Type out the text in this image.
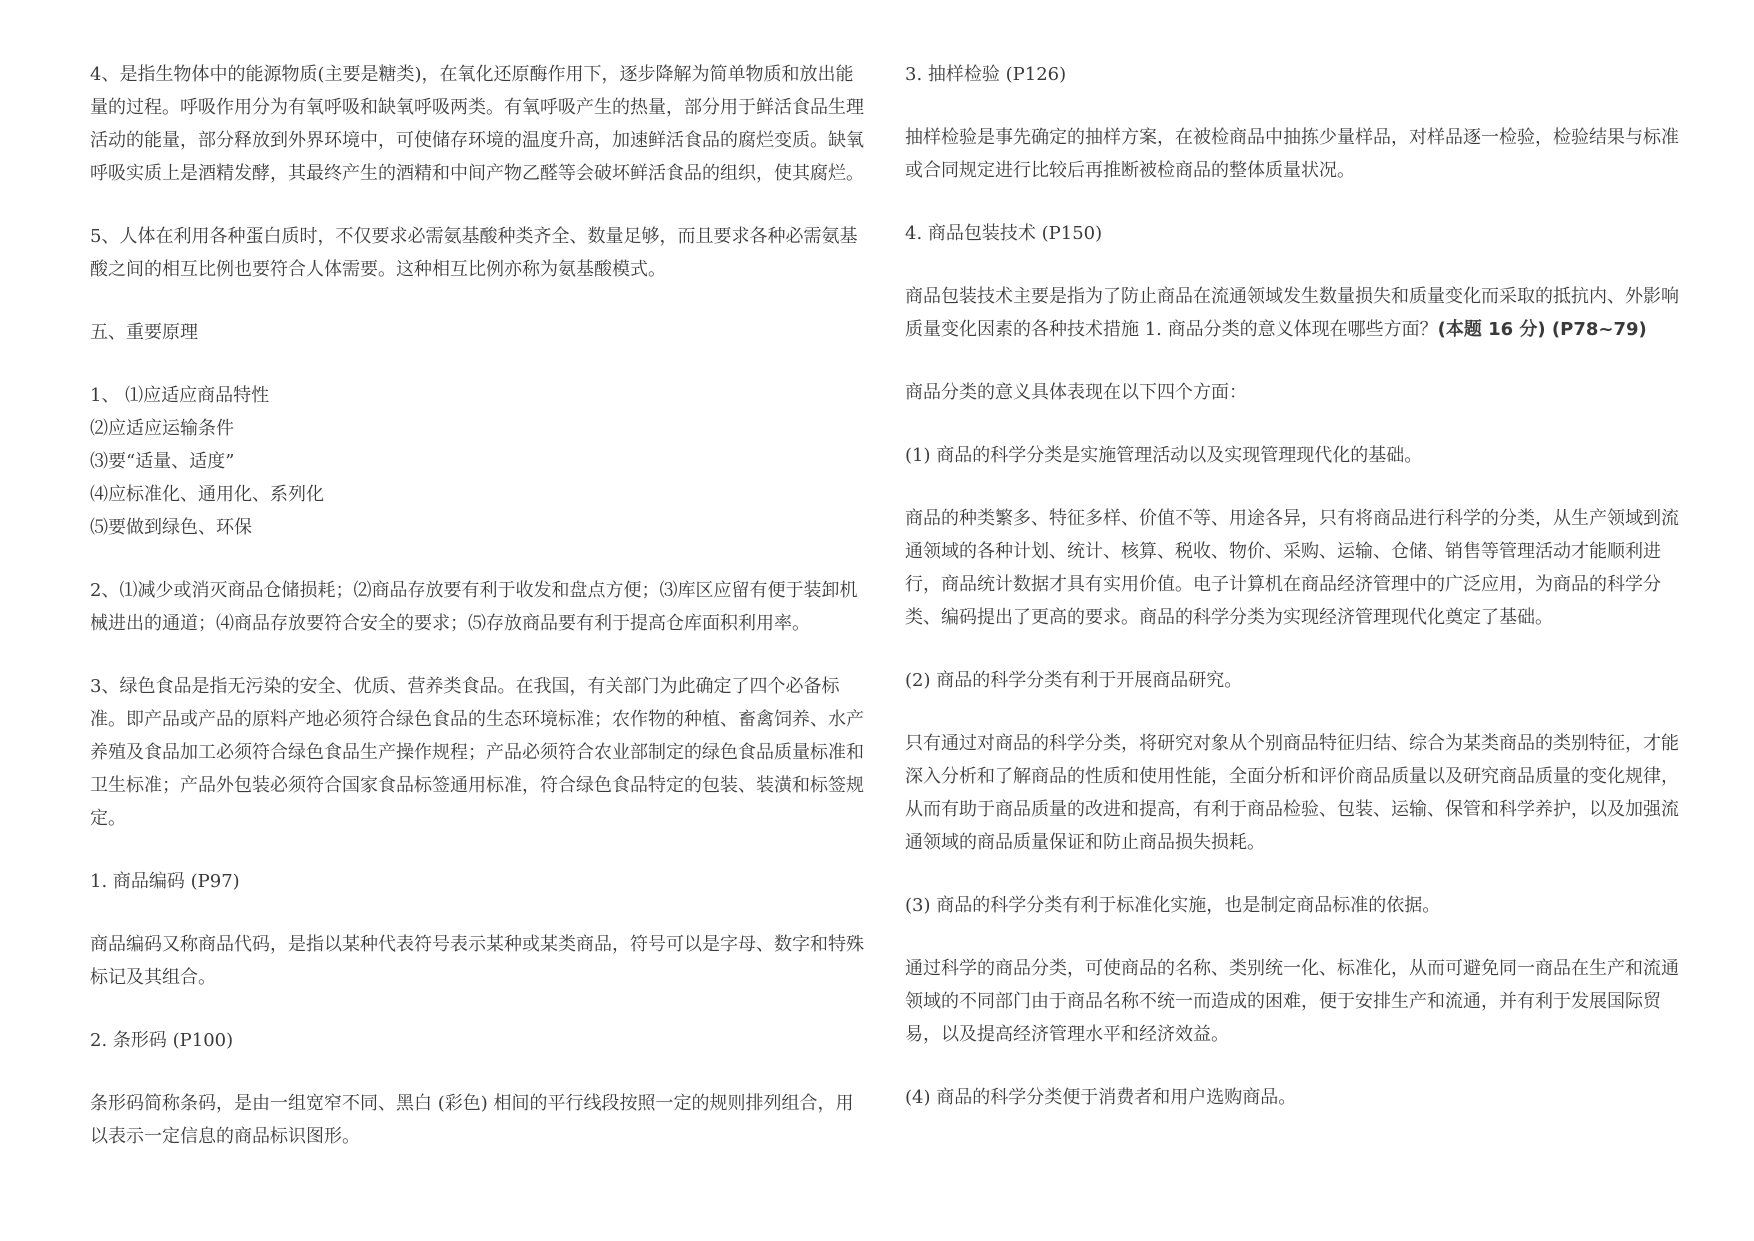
4、是指生物体中的能源物质(主要是糖类)，在氧化还原酶作用下，逐步降解为简单物质和放出能量的过程。呼吸作用分为有氧呼吸和缺氧呼吸两类。有氧呼吸产生的热量，部分用于鲜活食品生理活动的能量，部分释放到外界环境中，可使储存环境的温度升高，加速鲜活食品的腐烂变质。缺氧呼吸实质上是酒精发酵，其最终产生的酒精和中间产物乙醛等会破坏鲜活食品的组织，使其腐烂。

5、人体在利用各种蛋白质时，不仅要求必需氨基酸种类齐全、数量足够，而且要求各种必需氨基酸之间的相互比例也要符合人体需要。这种相互比例亦称为氨基酸模式。

五、重要原理

1、 ⑴应适应商品特性

⑵应适应运输条件

⑶要“适量、适度”

⑷应标准化、通用化、系列化

⑸要做到绿色、环保

2、⑴减少或消灭商品仓储损耗；⑵商品存放要有利于收发和盘点方便；⑶库区应留有便于装卸机械进出的通道；⑷商品存放要符合安全的要求；⑸存放商品要有利于提高仓库面积利用率。

3、绿色食品是指无污染的安全、优质、营养类食品。在我国，有关部门为此确定了四个必备标准。即产品或产品的原料产地必须符合绿色食品的生态环境标准；农作物的种植、畜禽饲养、水产养殖及食品加工必须符合绿色食品生产操作规程；产品必须符合农业部制定的绿色食品质量标准和卫生标准；产品外包装必须符合国家食品标签通用标准，符合绿色食品特定的包装、装潢和标签规定。

1. 商品编码 (P97)

商品编码又称商品代码，是指以某种代表符号表示某种或某类商品，符号可以是字母、数字和特殊标记及其组合。

2. 条形码 (P100)

条形码简称条码，是由一组宽窄不同、黑白 (彩色) 相间的平行线段按照一定的规则排列组合，用以表示一定信息的商品标识图形。

3. 抽样检验 (P126)

抽样检验是事先确定的抽样方案，在被检商品中抽拣少量样品，对样品逐一检验，检验结果与标准或合同规定进行比较后再推断被检商品的整体质量状况。

4. 商品包装技术 (P150)

商品包装技术主要是指为了防止商品在流通领域发生数量损失和质量变化而采取的抵抗内、外影响质量变化因素的各种技术措施 1. 商品分类的意义体现在哪些方面？(本题 16 分) (P78~79)

商品分类的意义具体表现在以下四个方面：

(1) 商品的科学分类是实施管理活动以及实现管理现代化的基础。

商品的种类繁多、特征多样、价值不等、用途各异，只有将商品进行科学的分类，从生产领域到流通领域的各种计划、统计、核算、税收、物价、采购、运输、仓储、销售等管理活动才能顺利进行，商品统计数据才具有实用价值。电子计算机在商品经济管理中的广泛应用，为商品的科学分类、编码提出了更高的要求。商品的科学分类为实现经济管理现代化奠定了基础。

(2) 商品的科学分类有利于开展商品研究。

只有通过对商品的科学分类，将研究对象从个别商品特征归结、综合为某类商品的类别特征，才能深入分析和了解商品的性质和使用性能，全面分析和评价商品质量以及研究商品质量的变化规律，从而有助于商品质量的改进和提高，有利于商品检验、包装、运输、保管和科学养护，以及加强流通领域的商品质量保证和防止商品损失损耗。

(3) 商品的科学分类有利于标准化实施，也是制定商品标准的依据。

通过科学的商品分类，可使商品的名称、类别统一化、标准化，从而可避免同一商品在生产和流通领域的不同部门由于商品名称不统一而造成的困难，便于安排生产和流通，并有利于发展国际贸易，以及提高经济管理水平和经济效益。

(4) 商品的科学分类便于消费者和用户选购商品。
